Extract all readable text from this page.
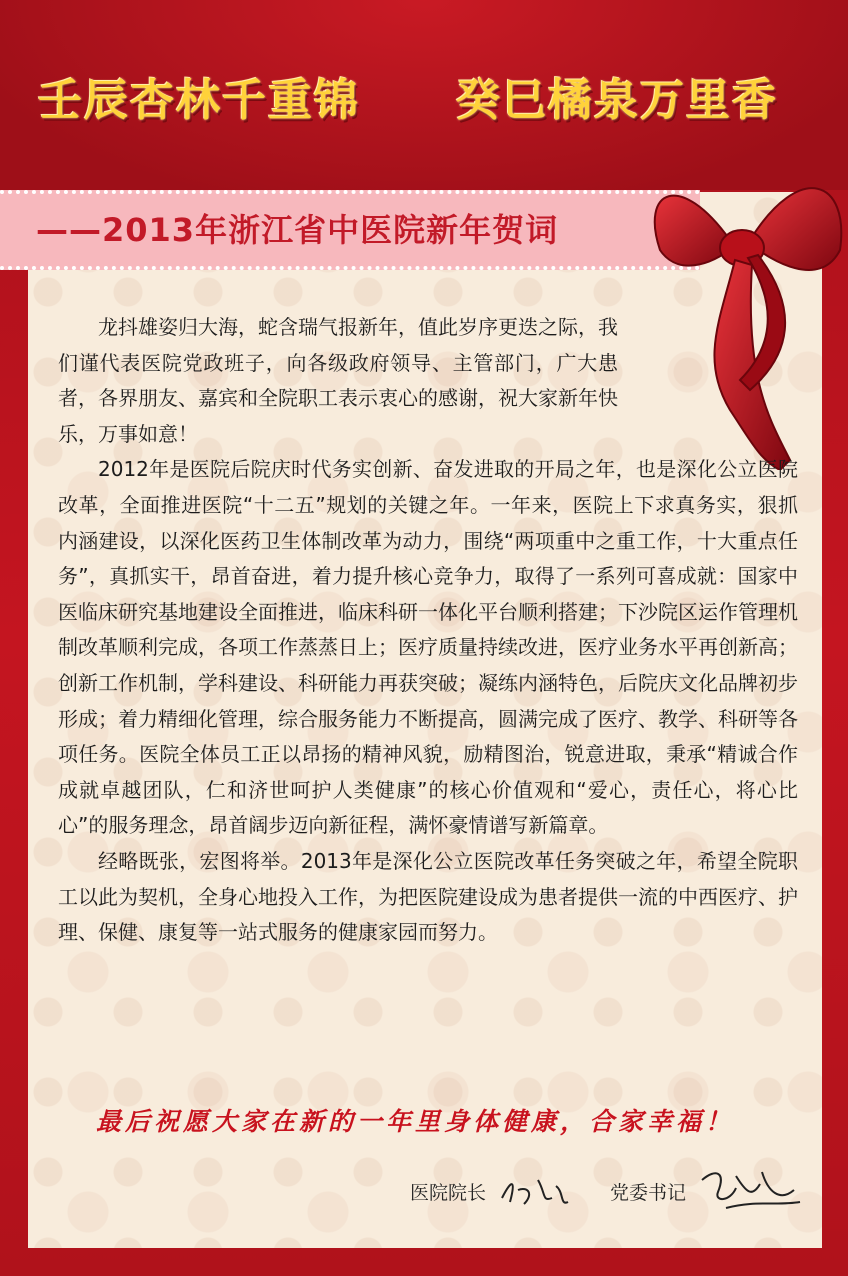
壬辰杏林千重锦 癸巳橘泉万里香
——2013年浙江省中医院新年贺词

龙抖雄姿归大海，蛇含瑞气报新年，值此岁序更迭之际，我们谨代表医院党政班子，向各级政府领导、主管部门，广大患者，各界朋友、嘉宾和全院职工表示衷心的感谢，祝大家新年快乐，万事如意！

2012年是医院后院庆时代务实创新、奋发进取的开局之年，也是深化公立医院改革，全面推进医院“十二五”规划的关键之年。一年来，医院上下求真务实，狠抓内涵建设，以深化医药卫生体制改革为动力，围绕“两项重中之重工作，十大重点任务”，真抓实干，昂首奋进，着力提升核心竞争力，取得了一系列可喜成就：国家中医临床研究基地建设全面推进，临床科研一体化平台顺利搭建；下沙院区运作管理机制改革顺利完成，各项工作蒸蒸日上；医疗质量持续改进，医疗业务水平再创新高；创新工作机制，学科建设、科研能力再获突破；凝练内涵特色，后院庆文化品牌初步形成；着力精细化管理，综合服务能力不断提高，圆满完成了医疗、教学、科研等各项任务。医院全体员工正以昂扬的精神风貌，励精图治，锐意进取，秉承“精诚合作成就卓越团队，仁和济世呵护人类健康”的核心价值观和“爱心，责任心，将心比心”的服务理念，昂首阔步迈向新征程，满怀豪情谱写新篇章。

经略既张，宏图将举。2013年是深化公立医院改革任务突破之年，希望全院职工以此为契机，全身心地投入工作，为把医院建设成为患者提供一流的中西医疗、护理、保健、康复等一站式服务的健康家园而努力。

最后祝愿大家在新的一年里身体健康，合家幸福！
医院院长	党委书记
